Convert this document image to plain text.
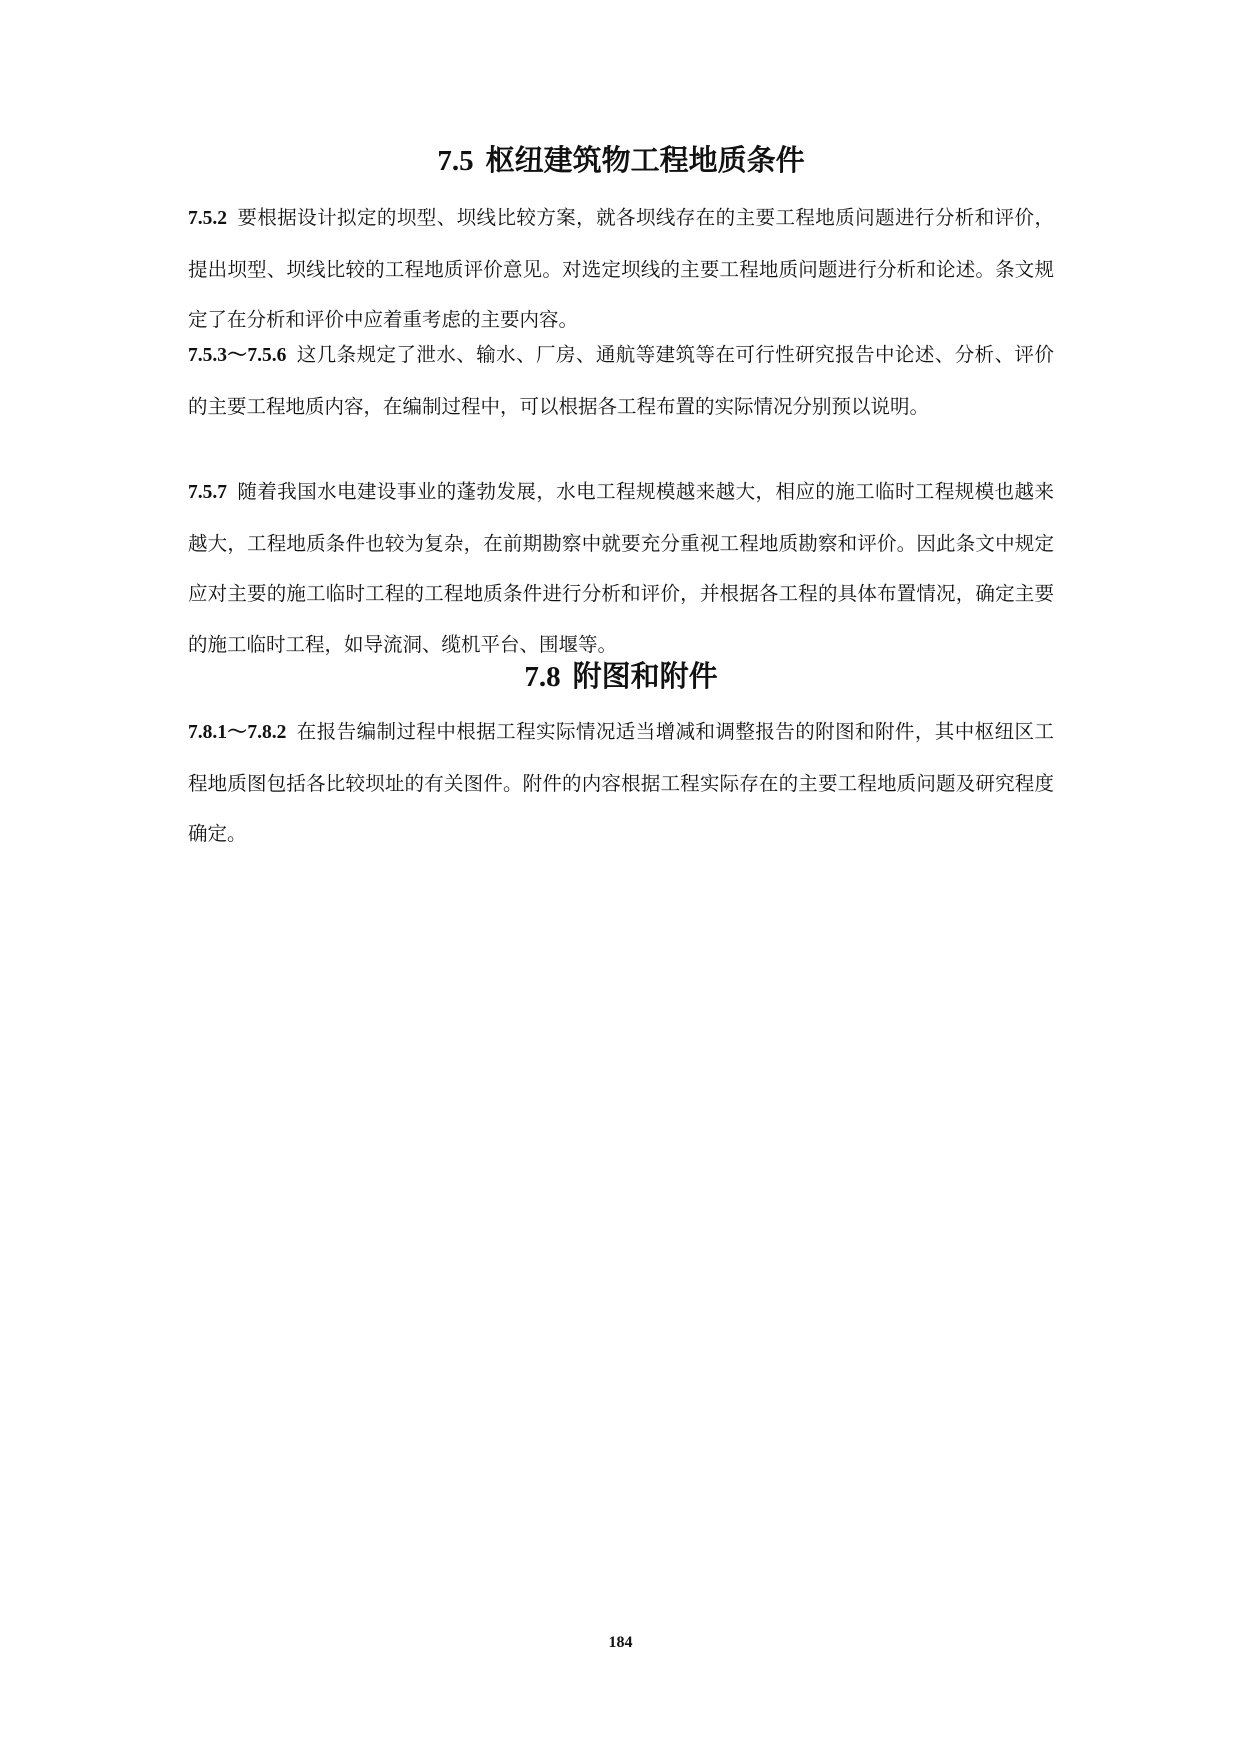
7.5 枢纽建筑物工程地质条件

7.5.2 要根据设计拟定的坝型、坝线比较方案，就各坝线存在的主要工程地质问题进行分析和评价，提出坝型、坝线比较的工程地质评价意见。对选定坝线的主要工程地质问题进行分析和论述。条文规定了在分析和评价中应着重考虑的主要内容。

7.5.3～7.5.6 这几条规定了泄水、输水、厂房、通航等建筑等在可行性研究报告中论述、分析、评价的主要工程地质内容，在编制过程中，可以根据各工程布置的实际情况分别预以说明。

7.5.7 随着我国水电建设事业的蓬勃发展，水电工程规模越来越大，相应的施工临时工程规模也越来越大，工程地质条件也较为复杂，在前期勘察中就要充分重视工程地质勘察和评价。因此条文中规定应对主要的施工临时工程的工程地质条件进行分析和评价，并根据各工程的具体布置情况，确定主要的施工临时工程，如导流洞、缆机平台、围堰等。

7.8 附图和附件

7.8.1～7.8.2 在报告编制过程中根据工程实际情况适当增减和调整报告的附图和附件，其中枢纽区工程地质图包括各比较坝址的有关图件。附件的内容根据工程实际存在的主要工程地质问题及研究程度确定。

184
